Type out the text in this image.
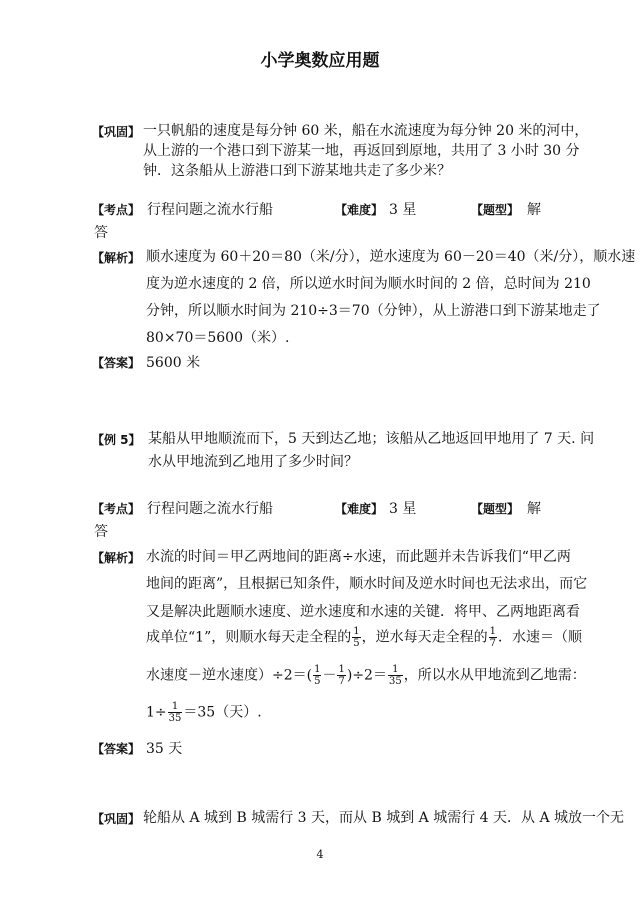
小学奥数应用题
【巩固】 一只帆船的速度是每分钟 60 米，船在水流速度为每分钟 20 米的河中，
从上游的一个港口到下游某一地，再返回到原地，共用了 3 小时 30 分
钟．这条船从上游港口到下游某地共走了多少米？
【考点】 行程问题之流水行船	【难度】 3 星	【题型】 解
答
【解析】 顺水速度为 60＋20＝80（米/分），逆水速度为 60－20＝40（米/分），顺水速
度为逆水速度的 2 倍，所以逆水时间为顺水时间的 2 倍，总时间为 210
分钟，所以顺水时间为 210÷3＝70（分钟），从上游港口到下游某地走了
80×70＝5600（米）.
【答案】 5600 米
【例 5】 某船从甲地顺流而下，5 天到达乙地；该船从乙地返回甲地用了 7 天. 问
水从甲地流到乙地用了多少时间？
【考点】 行程问题之流水行船	【难度】 3 星	【题型】 解
答
【解析】 水流的时间＝甲乙两地间的距离÷水速，而此题并未告诉我们“甲乙两
地间的距离”，且根据已知条件，顺水时间及逆水时间也无法求出，而它
又是解决此题顺水速度、逆水速度和水速的关键．将甲、乙两地距离看
成单位“1”，则顺水每天走全程的 $\frac{1}{5}$ ，逆水每天走全程的 $\frac{1}{7}$ ．水速＝（顺
水速度－逆水速度）$\div 2=( \frac{1}{5} - \frac{1}{7} )\div 2= \frac{1}{35}$ ，所以水从甲地流到乙地需：
$1\div \frac{1}{35} =35$（天）.
【答案】 35 天
【巩固】 轮船从 A 城到 B 城需行 3 天，而从 B 城到 A 城需行 4 天．从 A 城放一个无
4
